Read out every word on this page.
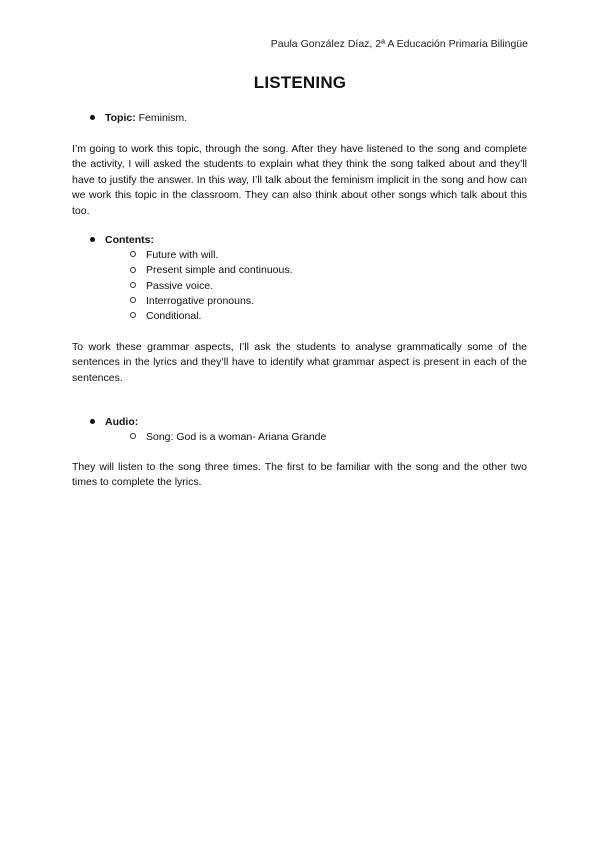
Paula González Díaz, 2ª A Educación Primaria Bilingüe
LISTENING
Topic: Feminism.

I’m going to work this topic, through the song. After they have listened to the song and complete the activity, I will asked the students to explain what they think the song talked about and they’ll have to justify the answer. In this way, I’ll talk about the feminism implicit in the song and how can we work this topic in the classroom. They can also think about other songs which talk about this too.

Contents:
Future with will.
Present simple and continuous.
Passive voice.
Interrogative pronouns.
Conditional.

To work these grammar aspects, I’ll ask the students to analyse grammatically some of the sentences in the lyrics and they’ll have to identify what grammar aspect is present in each of the sentences.

Audio:
Song: God is a woman- Ariana Grande

They will listen to the song three times. The first to be familiar with the song and the other two times to complete the lyrics.
